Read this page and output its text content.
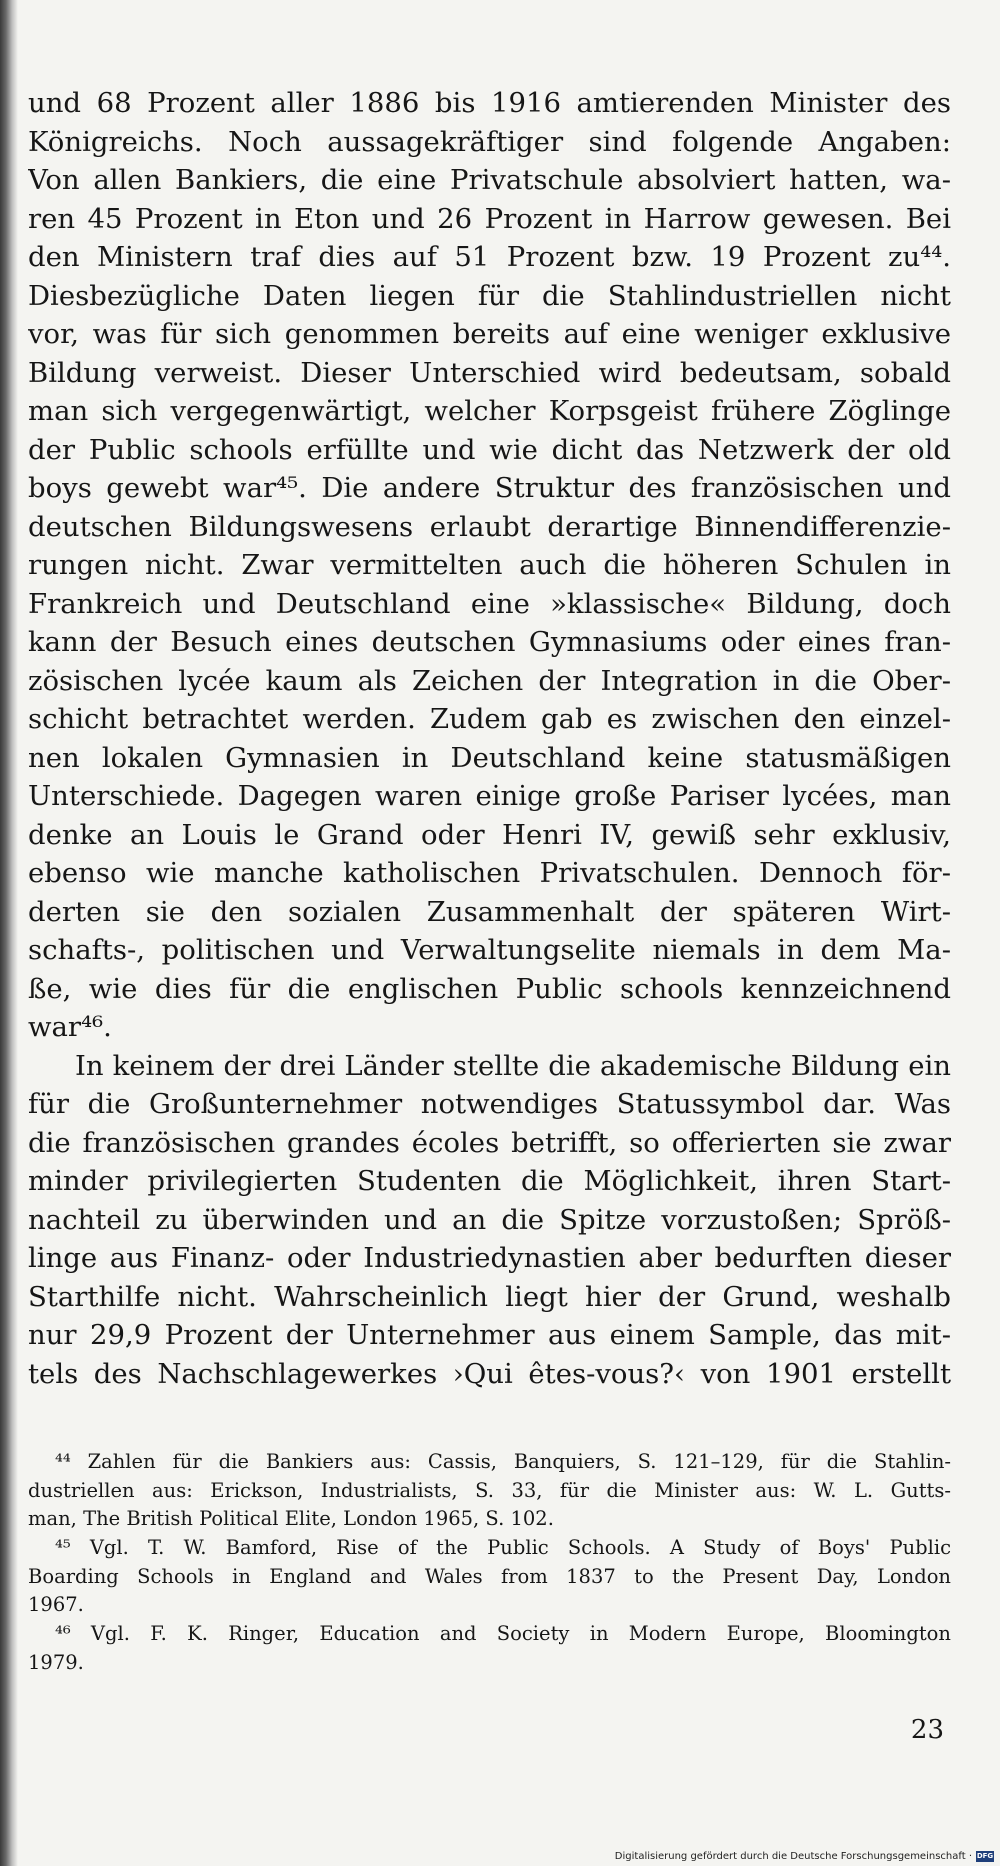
und 68 Prozent aller 1886 bis 1916 amtierenden Minister des
Königreichs. Noch aussagekräftiger sind folgende Angaben:
Von allen Bankiers, die eine Privatschule absolviert hatten, wa-
ren 45 Prozent in Eton und 26 Prozent in Harrow gewesen. Bei
den Ministern traf dies auf 51 Prozent bzw. 19 Prozent zu⁴⁴.
Diesbezügliche Daten liegen für die Stahlindustriellen nicht
vor, was für sich genommen bereits auf eine weniger exklusive
Bildung verweist. Dieser Unterschied wird bedeutsam, sobald
man sich vergegenwärtigt, welcher Korpsgeist frühere Zöglinge
der Public schools erfüllte und wie dicht das Netzwerk der old
boys gewebt war⁴⁵. Die andere Struktur des französischen und
deutschen Bildungswesens erlaubt derartige Binnendifferenzie-
rungen nicht. Zwar vermittelten auch die höheren Schulen in
Frankreich und Deutschland eine »klassische« Bildung, doch
kann der Besuch eines deutschen Gymnasiums oder eines fran-
zösischen lycée kaum als Zeichen der Integration in die Ober-
schicht betrachtet werden. Zudem gab es zwischen den einzel-
nen lokalen Gymnasien in Deutschland keine statusmäßigen
Unterschiede. Dagegen waren einige große Pariser lycées, man
denke an Louis le Grand oder Henri IV, gewiß sehr exklusiv,
ebenso wie manche katholischen Privatschulen. Dennoch för-
derten sie den sozialen Zusammenhalt der späteren Wirt-
schafts-, politischen und Verwaltungselite niemals in dem Ma-
ße, wie dies für die englischen Public schools kennzeichnend
war⁴⁶.
In keinem der drei Länder stellte die akademische Bildung ein
für die Großunternehmer notwendiges Statussymbol dar. Was
die französischen grandes écoles betrifft, so offerierten sie zwar
minder privilegierten Studenten die Möglichkeit, ihren Start-
nachteil zu überwinden und an die Spitze vorzustoßen; Spröß-
linge aus Finanz- oder Industriedynastien aber bedurften dieser
Starthilfe nicht. Wahrscheinlich liegt hier der Grund, weshalb
nur 29,9 Prozent der Unternehmer aus einem Sample, das mit-
tels des Nachschlagewerkes ›Qui êtes-vous?‹ von 1901 erstellt
⁴⁴ Zahlen für die Bankiers aus: Cassis, Banquiers, S. 121–129, für die Stahlin-
dustriellen aus: Erickson, Industrialists, S. 33, für die Minister aus: W. L. Gutts-
man, The British Political Elite, London 1965, S. 102.
⁴⁵ Vgl. T. W. Bamford, Rise of the Public Schools. A Study of Boys' Public
Boarding Schools in England and Wales from 1837 to the Present Day, London
1967.
⁴⁶ Vgl. F. K. Ringer, Education and Society in Modern Europe, Bloomington
1979.
23
Digitalisierung gefördert durch die Deutsche Forschungsgemeinschaft · DFG
